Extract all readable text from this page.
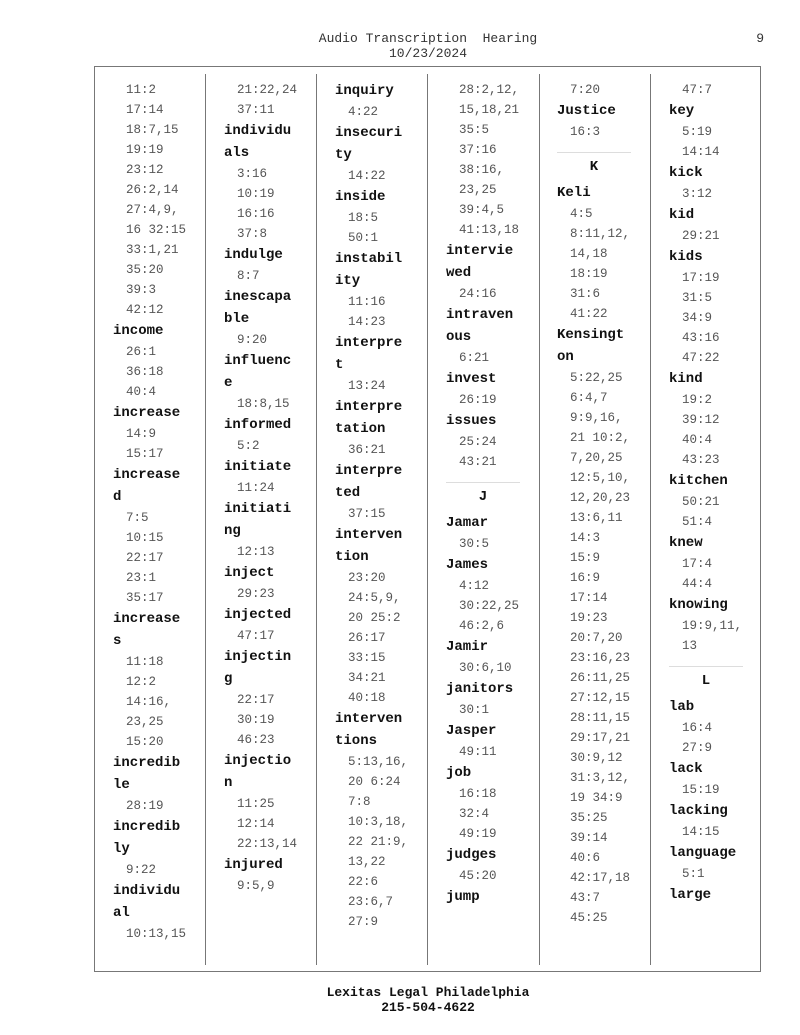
Audio Transcription  Hearing
10/23/2024
9
11:2
17:14
18:7,15
19:19
23:12
26:2,14
27:4,9,
16 32:15
33:1,21
35:20
39:3
42:12
income
26:1
36:18
40:4
increase
14:9
15:17
increase
d
7:5
10:15
22:17
23:1
35:17
increase
s
11:18
12:2
14:16,
23,25
15:20
incredib
le
28:19
incredib
ly
9:22
individu
al
10:13,15
21:22,24
37:11
individu
als
3:16
10:19
16:16
37:8
indulge
8:7
inescapa
ble
9:20
influenc
e
18:8,15
informed
5:2
initiate
11:24
initiati
ng
12:13
inject
29:23
injected
47:17
injectin
g
22:17
30:19
46:23
injectio
n
11:25
12:14
22:13,14
injured
9:5,9
inquiry
4:22
insecuri
ty
14:22
inside
18:5
50:1
instabil
ity
11:16
14:23
interpre
t
13:24
interpre
tation
36:21
interpre
ted
37:15
interven
tion
23:20
24:5,9,
20 25:2
26:17
33:15
34:21
40:18
interven
tions
5:13,16,
20 6:24
7:8
10:3,18,
22 21:9,
13,22
22:6
23:6,7
27:9
28:2,12,
15,18,21
35:5
37:16
38:16,
23,25
39:4,5
41:13,18
intervie
wed
24:16
intraven
ous
6:21
invest
26:19
issues
25:24
43:21
J
Jamar
30:5
James
4:12
30:22,25
46:2,6
Jamir
30:6,10
janitors
30:1
Jasper
49:11
job
16:18
32:4
49:19
judges
45:20
jump
7:20
Justice
16:3
K
Keli
4:5
8:11,12,
14,18
18:19
31:6
41:22
Kensingt
on
5:22,25
6:4,7
9:9,16,
21 10:2,
7,20,25
12:5,10,
12,20,23
13:6,11
14:3
15:9
16:9
17:14
19:23
20:7,20
23:16,23
26:11,25
27:12,15
28:11,15
29:17,21
30:9,12
31:3,12,
19 34:9
35:25
39:14
40:6
42:17,18
43:7
45:25
47:7
key
5:19
14:14
kick
3:12
kid
29:21
kids
17:19
31:5
34:9
43:16
47:22
kind
19:2
39:12
40:4
43:23
kitchen
50:21
51:4
knew
17:4
44:4
knowing
19:9,11,
13
L
lab
16:4
27:9
lack
15:19
lacking
14:15
language
5:1
large
Lexitas Legal Philadelphia
215-504-4622
